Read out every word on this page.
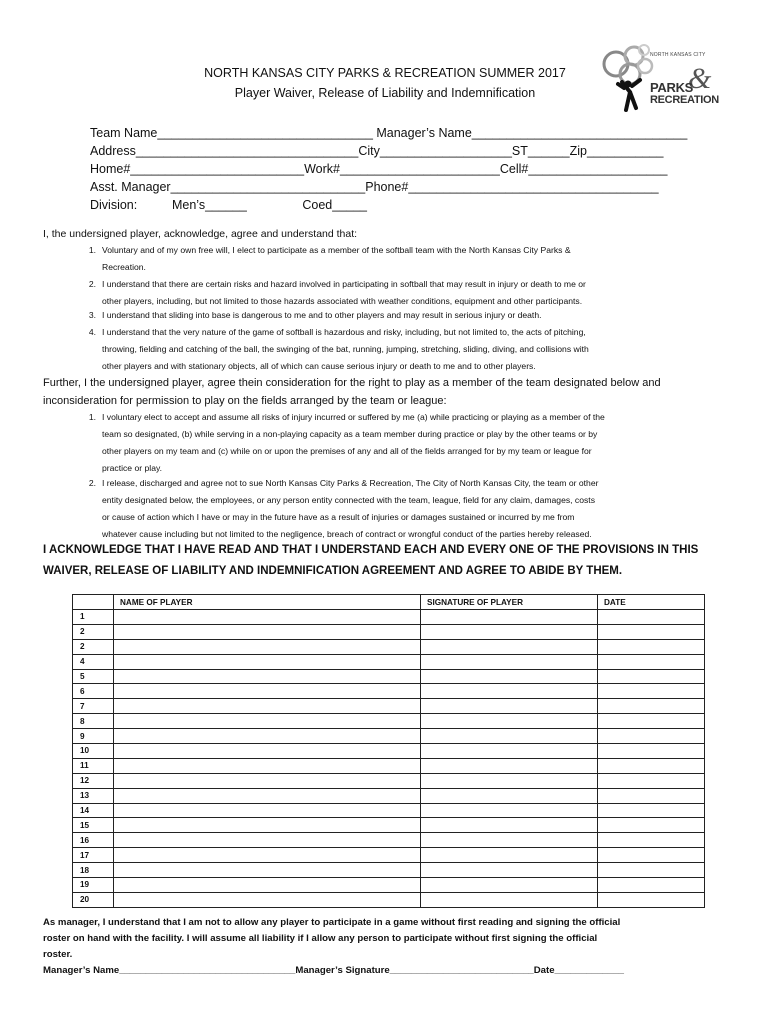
NORTH KANSAS CITY PARKS & RECREATION SUMMER 2017
Player Waiver, Release of Liability and Indemnification
NORTH KANSAS CITY
&
PARKS
RECREATION
Team Name_______________________________ Manager’s Name_______________________________
Address________________________________City___________________ST______Zip___________
Home#_________________________Work#_______________________Cell#____________________
Asst. Manager____________________________Phone#____________________________________
Division:          Men’s______                Coed_____
I, the undersigned player, acknowledge, agree and understand that:
1. Voluntary and of my own free will, I elect to participate as a member of the softball team with the North Kansas City Parks &
Recreation.
2. I understand that there are certain risks and hazard involved in participating in softball that may result in injury or death to me or
other players, including, but not limited to those hazards associated with weather conditions, equipment and other participants.
3. I understand that sliding into base is dangerous to me and to other players and may result in serious injury or death.
4. I understand that the very nature of the game of softball is hazardous and risky, including, but not limited to, the acts of pitching,
throwing, fielding and catching of the ball, the swinging of the bat, running, jumping, stretching, sliding, diving, and collisions with
other players and with stationary objects, all of which can cause serious injury or death to me and to other players.
Further, I the undersigned player, agree thein consideration for the right to play as a member of the team designated below and
inconsideration for permission to play on the fields arranged by the team or league:
1. I voluntary elect to accept and assume all risks of injury incurred or suffered by me (a) while practicing or playing as a member of the
team so designated, (b) while serving in a non-playing capacity as a team member during practice or play by the other teams or by
other players on my team and (c) while on or upon the premises of any and all of the fields arranged for by my team or league for
practice or play.
2. I release, discharged and agree not to sue North Kansas City Parks & Recreation, The City of North Kansas City, the team or other
entity designated below, the employees, or any person entity connected with the team, league, field for any claim, damages, costs
or cause of action which I have or may in the future have as a result of injuries or damages sustained or incurred by me from
whatever cause including but not limited to the negligence, breach of contract or wrongful conduct of the parties hereby released.
I ACKNOWLEDGE THAT I HAVE READ AND THAT I UNDERSTAND EACH AND EVERY ONE OF THE PROVISIONS IN THIS
WAIVER, RELEASE OF LIABILITY AND INDEMNIFICATION AGREEMENT AND AGREE TO ABIDE BY THEM.
	NAME OF PLAYER	SIGNATURE OF PLAYER	DATE
1			
2			
2			
4			
5			
6			
7			
8			
9			
10			
11			
12			
13			
14			
15			
16			
17			
18			
19			
20			
As manager, I understand that I am not to allow any player to participate in a game without first reading and signing the official
roster on hand with the facility. I will assume all liability if I allow any person to participate without first signing the official
roster.
Manager’s Name_________________________________Manager’s Signature___________________________Date_____________
